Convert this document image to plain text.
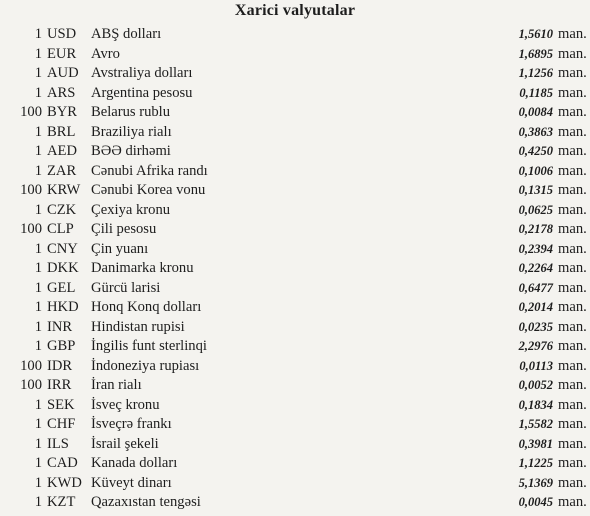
Xarici valyutalar
1 USD ABŞ dolları	1,5610 man.
1 EUR Avro	1,6895 man.
1 AUD Avstraliya dolları	1,1256 man.
1 ARS Argentina pesosu	0,1185 man.
100 BYR Belarus rublu	0,0084 man.
1 BRL Braziliya rialı	0,3863 man.
1 AED BƏƏ dirhəmi	0,4250 man.
1 ZAR Cənubi Afrika randı	0,1006 man.
100 KRW Cənubi Korea vonu	0,1315 man.
1 CZK Çexiya kronu	0,0625 man.
100 CLP Çili pesosu	0,2178 man.
1 CNY Çin yuanı	0,2394 man.
1 DKK Danimarka kronu	0,2264 man.
1 GEL Gürcü larisi	0,6477 man.
1 HKD Honq Konq dolları	0,2014 man.
1 INR Hindistan rupisi	0,0235 man.
1 GBP İngilis funt sterlinqi	2,2976 man.
100 IDR İndoneziya rupiası	0,0113 man.
100 IRR İran rialı	0,0052 man.
1 SEK İsveç kronu	0,1834 man.
1 CHF İsveçrə frankı	1,5582 man.
1 ILS İsrail şekeli	0,3981 man.
1 CAD Kanada dolları	1,1225 man.
1 KWD Küveyt dinarı	5,1369 man.
1 KZT Qazaxıstan tengəsi	0,0045 man.
